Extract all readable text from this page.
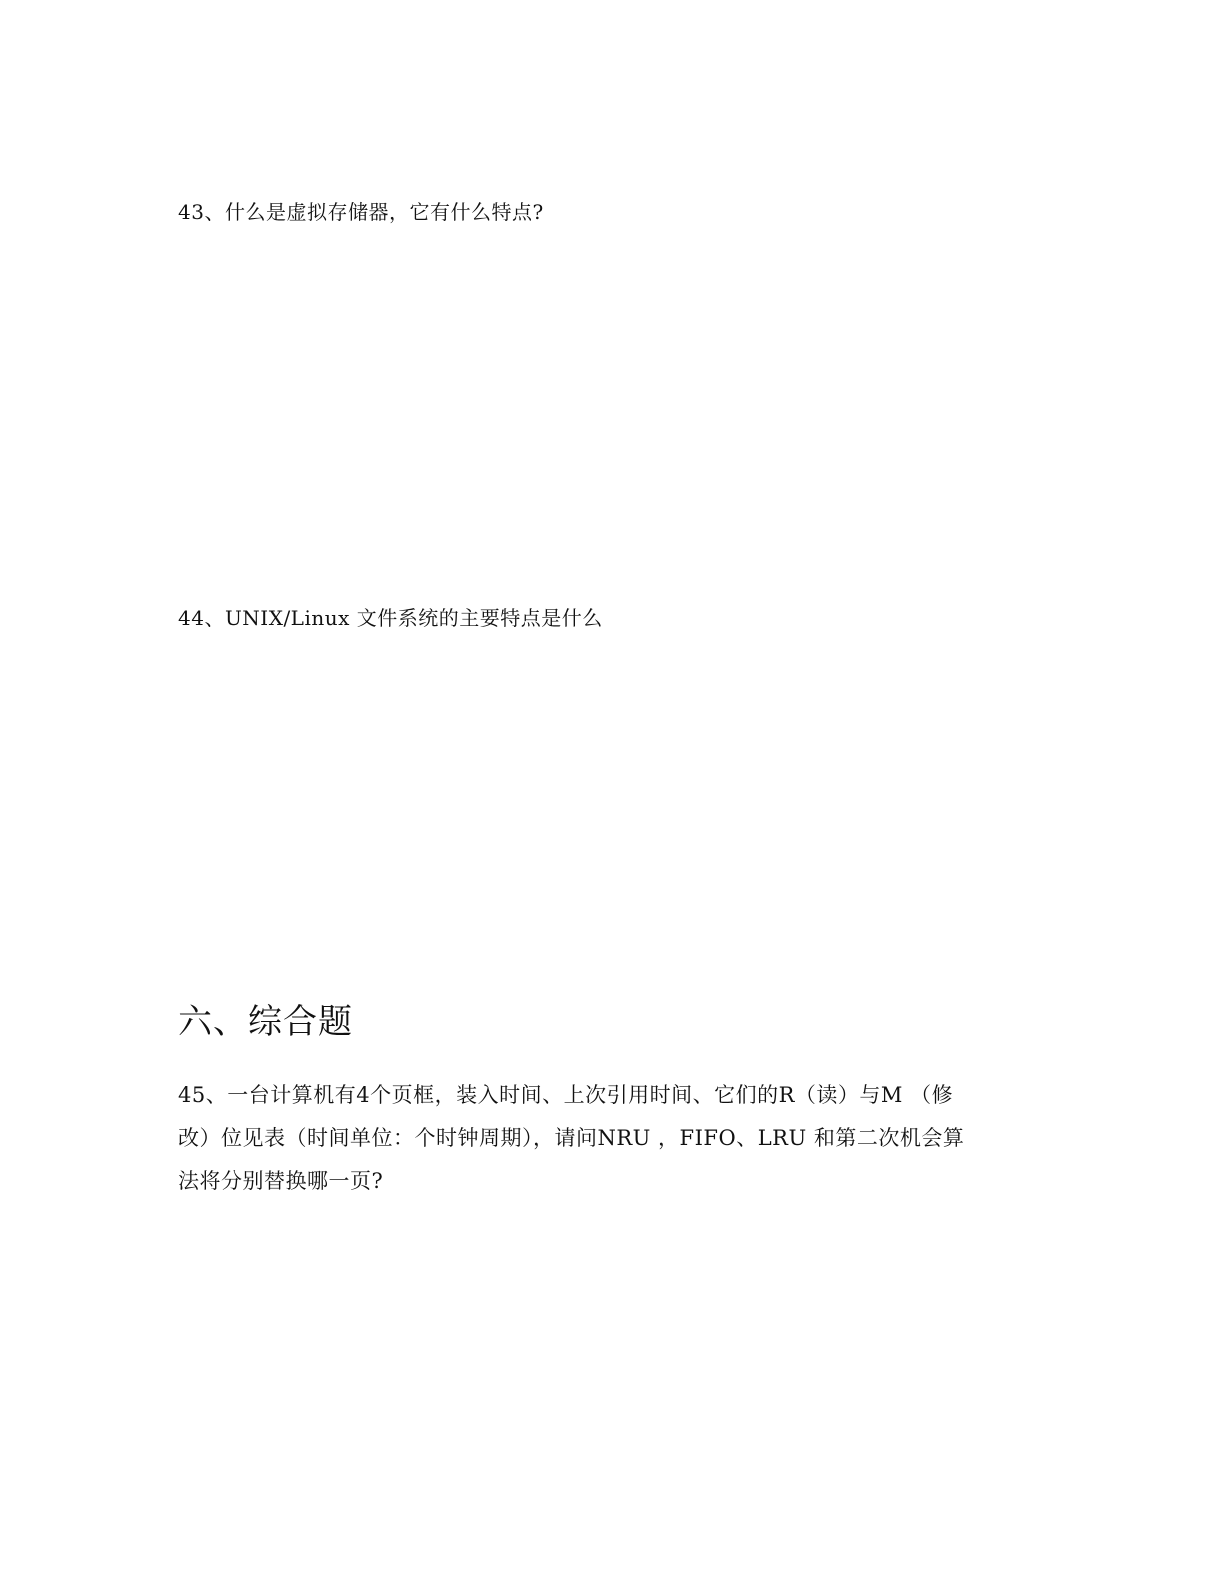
43、什么是虚拟存储器，它有什么特点?
44、UNIX/Linux 文件系统的主要特点是什么
六、综合题
45、一台计算机有4个页框，装入时间、上次引用时间、它们的R（读）与M （修
改）位见表（时间单位：个时钟周期），请问NRU ，FIFO、LRU 和第二次机会算
法将分别替换哪一页?
